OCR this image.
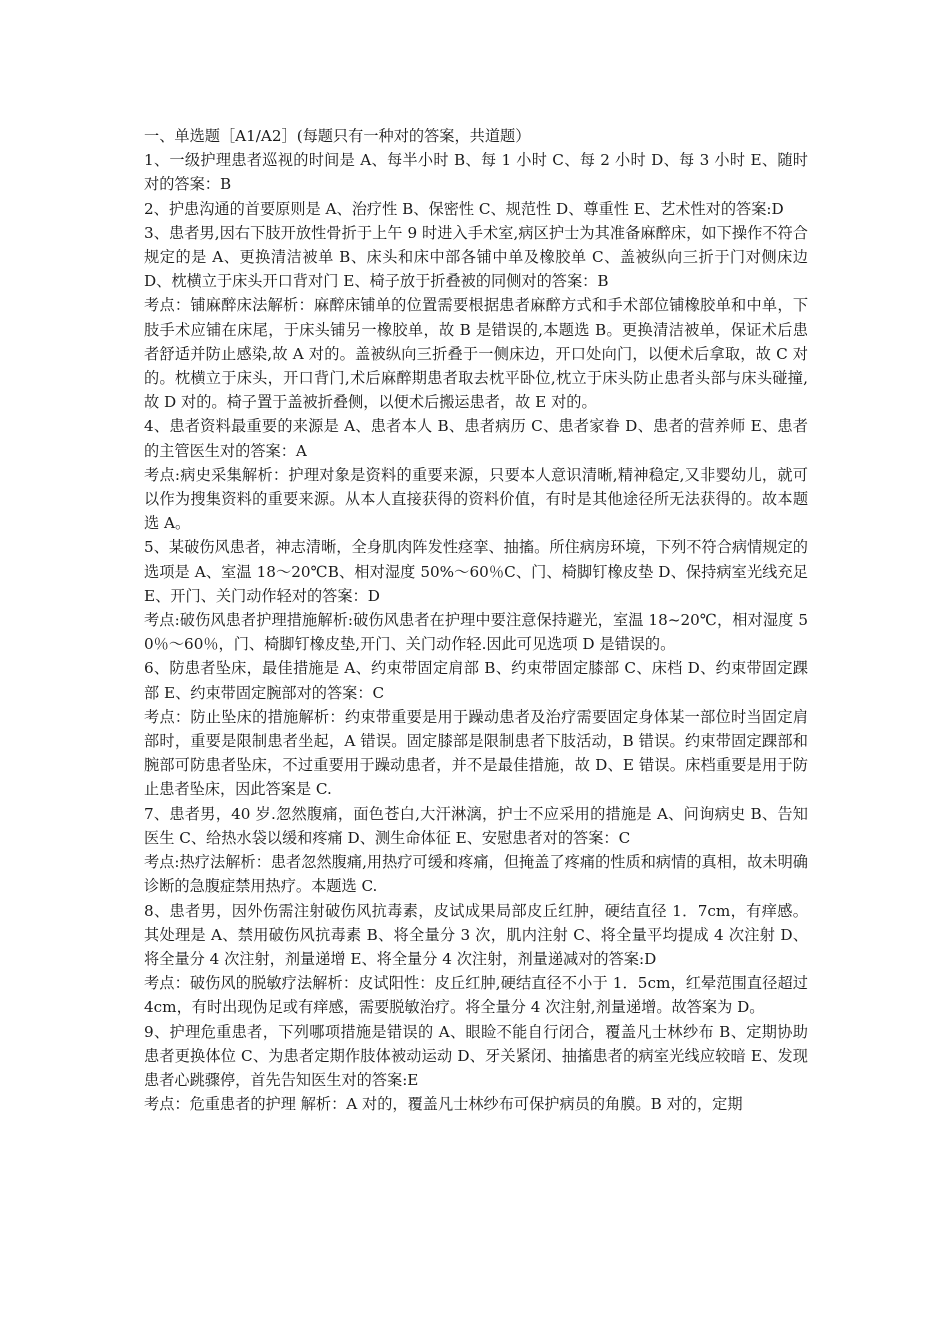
一、单选题［A1/A2］(每题只有一种对的答案，共道题）

1、一级护理患者巡视的时间是 A、每半小时 B、每 1 小时 C、每 2 小时 D、每 3 小时 E、随时对的答案：B

2、护患沟通的首要原则是 A、治疗性 B、保密性 C、规范性 D、尊重性 E、艺术性对的答案:D

3、患者男,因右下肢开放性骨折于上午 9 时进入手术室,病区护士为其准备麻醉床，如下操作不符合规定的是 A、更换清洁被单 B、床头和床中部各铺中单及橡胶单 C、盖被纵向三折于门对侧床边 D、枕横立于床头开口背对门 E、椅子放于折叠被的同侧对的答案：B

考点：铺麻醉床法解析：麻醉床铺单的位置需要根据患者麻醉方式和手术部位铺橡胶单和中单，下肢手术应铺在床尾，于床头铺另一橡胶单，故 B 是错误的,本题选 B。更换清洁被单，保证术后患者舒适并防止感染,故 A 对的。盖被纵向三折叠于一侧床边，开口处向门，以便术后拿取，故 C 对的。枕横立于床头，开口背门,术后麻醉期患者取去枕平卧位,枕立于床头防止患者头部与床头碰撞,故 D 对的。椅子置于盖被折叠侧，以便术后搬运患者，故 E 对的。

4、患者资料最重要的来源是 A、患者本人 B、患者病历 C、患者家眷 D、患者的营养师 E、患者的主管医生对的答案：A

考点:病史采集解析：护理对象是资料的重要来源，只要本人意识清晰,精神稳定,又非婴幼儿，就可以作为搜集资料的重要来源。从本人直接获得的资料价值，有时是其他途径所无法获得的。故本题选 A。

5、某破伤风患者，神志清晰，全身肌肉阵发性痉挛、抽搐。所住病房环境，下列不符合病情规定的选项是 A、室温 18～20℃B、相对湿度 50%～60％C、门、椅脚钉橡皮垫 D、保持病室光线充足 E、开门、关门动作轻对的答案：D

考点:破伤风患者护理措施解析:破伤风患者在护理中要注意保持避光，室温 18~20℃，相对湿度 50％～60％，门、椅脚钉橡皮垫,开门、关门动作轻.因此可见选项 D 是错误的。

6、防患者坠床，最佳措施是 A、约束带固定肩部 B、约束带固定膝部 C、床档 D、约束带固定踝部 E、约束带固定腕部对的答案：C

考点：防止坠床的措施解析：约束带重要是用于躁动患者及治疗需要固定身体某一部位时当固定肩部时，重要是限制患者坐起，A 错误。固定膝部是限制患者下肢活动，B 错误。约束带固定踝部和腕部可防患者坠床，不过重要用于躁动患者，并不是最佳措施，故 D、E 错误。床档重要是用于防止患者坠床，因此答案是 C.

7、患者男，40 岁.忽然腹痛，面色苍白,大汗淋漓，护士不应采用的措施是 A、问询病史 B、告知医生 C、给热水袋以缓和疼痛 D、测生命体征 E、安慰患者对的答案：C

考点:热疗法解析：患者忽然腹痛,用热疗可缓和疼痛，但掩盖了疼痛的性质和病情的真相，故未明确诊断的急腹症禁用热疗。本题选 C.

8、患者男，因外伤需注射破伤风抗毒素，皮试成果局部皮丘红肿，硬结直径 1．7cm，有痒感。其处理是 A、禁用破伤风抗毒素 B、将全量分 3 次，肌内注射 C、将全量平均提成 4 次注射 D、将全量分 4 次注射，剂量递增 E、将全量分 4 次注射，剂量递减对的答案:D

考点：破伤风的脱敏疗法解析：皮试阳性：皮丘红肿,硬结直径不小于 1．5cm，红晕范围直径超过 4cm，有时出现伪足或有痒感，需要脱敏治疗。将全量分 4 次注射,剂量递增。故答案为 D。

9、护理危重患者，下列哪项措施是错误的 A、眼睑不能自行闭合，覆盖凡士林纱布 B、定期协助患者更换体位 C、为患者定期作肢体被动运动 D、牙关紧闭、抽搐患者的病室光线应较暗 E、发现患者心跳骤停，首先告知医生对的答案:E

考点：危重患者的护理 解析：A 对的，覆盖凡士林纱布可保护病员的角膜。B 对的，定期
